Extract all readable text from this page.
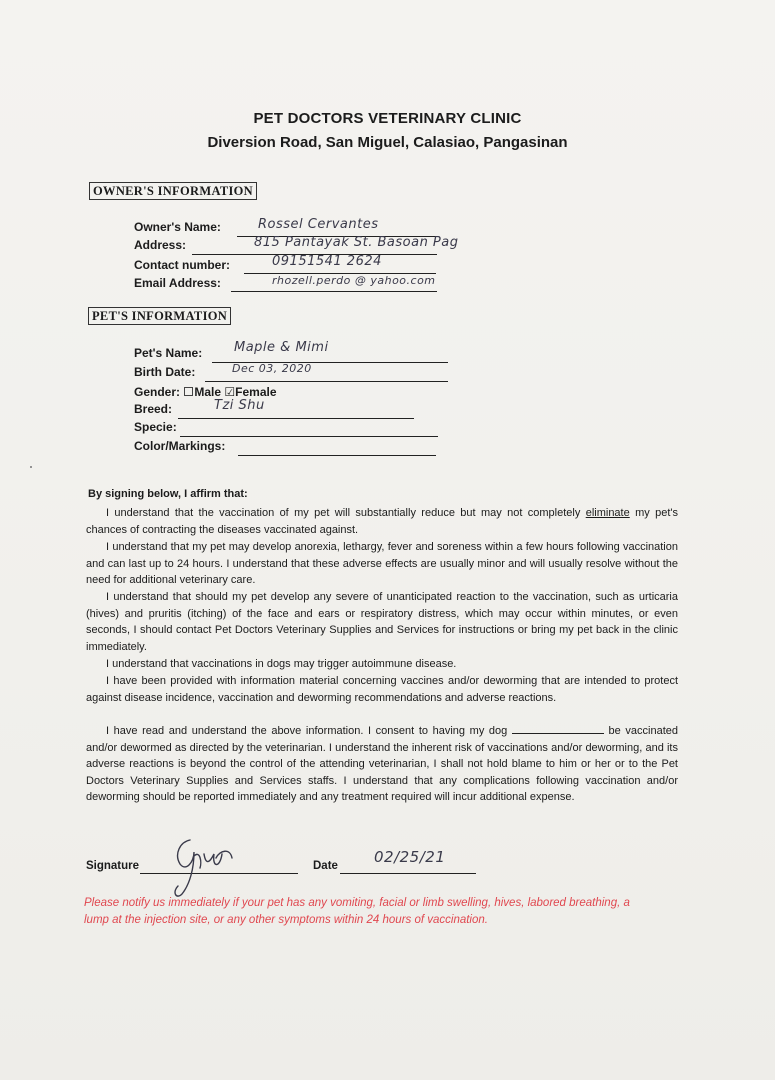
PET DOCTORS VETERINARY CLINIC
Diversion Road, San Miguel, Calasiao, Pangasinan
OWNER'S INFORMATION
Owner's Name:	Rossel Cervantes
Address:	815 Pantayak St. Basoan Pag
Contact number:	09151541 2624
Email Address:	rhozell.perdo @ yahoo.com
PET'S INFORMATION
Pet's Name: Maple & Mimi
Birth Date:	Dec 03, 2020
Gender: Male ☑Female
Breed:	Tzi Shu
Specie:
Color/Markings:
By signing below, I affirm that:
I understand that the vaccination of my pet will substantially reduce but may not completely eliminate my pet's chances of contracting the diseases vaccinated against.
I understand that my pet may develop anorexia, lethargy, fever and soreness within a few hours following vaccination and can last up to 24 hours. I understand that these adverse effects are usually minor and will usually resolve without the need for additional veterinary care.
I understand that should my pet develop any severe of unanticipated reaction to the vaccination, such as urticaria (hives) and pruritis (itching) of the face and ears or respiratory distress, which may occur within minutes, or even seconds, I should contact Pet Doctors Veterinary Supplies and Services for instructions or bring my pet back in the clinic immediately.
I understand that vaccinations in dogs may trigger autoimmune disease.
I have been provided with information material concerning vaccines and/or deworming that are intended to protect against disease incidence, vaccination and deworming recommendations and adverse reactions.
I have read and understand the above information. I consent to having my dog	be vaccinated and/or dewormed as directed by the veterinarian. I understand the inherent risk of vaccinations and/or deworming, and its adverse reactions is beyond the control of the attending veterinarian, I shall not hold blame to him or her or to the Pet Doctors Veterinary Supplies and Services staffs. I understand that any complications following vaccination and/or deworming should be reported immediately and any treatment required will incur additional expense.
Signature	Date 02/25/21
Please notify us immediately if your pet has any vomiting, facial or limb swelling, hives, labored breathing, a lump at the injection site, or any other symptoms within 24 hours of vaccination.
